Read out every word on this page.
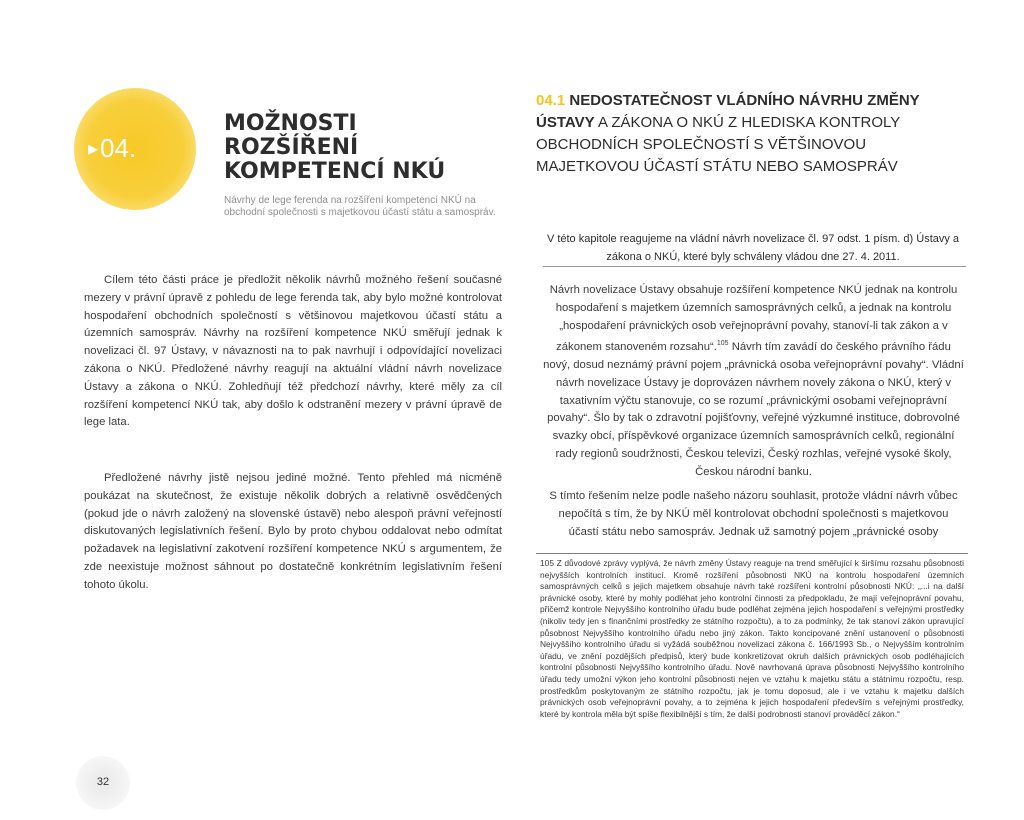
▸04.
MOŽNOSTI
ROZŠÍŘENÍ
KOMPETENCÍ NKÚ
Návrhy de lege ferenda na rozšíření kompetencí NKÚ na obchodní společnosti s majetkovou účastí státu a samospráv.
Cílem této části práce je předložit několik návrhů možného řešení současné mezery v právní úpravě z pohledu de lege ferenda tak, aby bylo možné kontrolovat hospodaření obchodních společností s většinovou majetkovou účastí státu a územních samospráv. Návrhy na rozšíření kompetence NKÚ směřují jednak k novelizaci čl. 97 Ústavy, v návaznosti na to pak navrhují i odpovídající novelizaci zákona o NKÚ. Předložené návrhy reagují na aktuální vládní návrh novelizace Ústavy a zákona o NKÚ. Zohledňují též předchozí návrhy, které měly za cíl rozšíření kompetencí NKÚ tak, aby došlo k odstranění mezery v právní úpravě de lege lata.
Předložené návrhy jistě nejsou jediné možné. Tento přehled má nicméně poukázat na skutečnost, že existuje několik dobrých a relativně osvědčených (pokud jde o návrh založený na slovenské ústavě) nebo alespoň právní veřejností diskutovaných legislativních řešení. Bylo by proto chybou oddalovat nebo odmítat požadavek na legislativní zakotvení rozšíření kompetence NKÚ s argumentem, že zde neexistuje možnost sáhnout po dostatečně konkrétním legislativním řešení tohoto úkolu.
04.1 NEDOSTATEČNOST VLÁDNÍHO NÁVRHU ZMĚNY ÚSTAVY A ZÁKONA O NKÚ Z HLEDISKA KONTROLY OBCHODNÍCH SPOLEČNOSTÍ S VĚTŠINOVOU MAJETKOVOU ÚČASTÍ STÁTU NEBO SAMOSPRÁV
V této kapitole reagujeme na vládní návrh novelizace čl. 97 odst. 1 písm. d) Ústavy a zákona o NKÚ, které byly schváleny vládou dne 27. 4. 2011.
Návrh novelizace Ústavy obsahuje rozšíření kompetence NKÚ jednak na kontrolu hospodaření s majetkem územních samosprávných celků, a jednak na kontrolu „hospodaření právnických osob veřejnoprávní povahy, stanoví-li tak zákon a v zákonem stanoveném rozsahu“.$^{105}$ Návrh tím zavádí do českého právního řádu nový, dosud neznámý právní pojem „právnická osoba veřejnoprávní povahy“. Vládní návrh novelizace Ústavy je doprovázen návrhem novely zákona o NKÚ, který v taxativním výčtu stanovuje, co se rozumí „právnickými osobami veřejnoprávní povahy“. Šlo by tak o zdravotní pojišťovny, veřejné výzkumné instituce, dobrovolné svazky obcí, příspěvkové organizace územních samosprávních celků, regionální rady regionů soudržnosti, Českou televizi, Český rozhlas, veřejné vysoké školy, Českou národní banku.
S tímto řešením nelze podle našeho názoru souhlasit, protože vládní návrh vůbec nepočítá s tím, že by NKÚ měl kontrolovat obchodní společnosti s majetkovou účastí státu nebo samospráv. Jednak už samotný pojem „právnické osoby
105 Z důvodové zprávy vyplývá, že návrh změny Ústavy reaguje na trend směřující k širšímu rozsahu působnosti nejvyšších kontrolních institucí. Kromě rozšíření působnosti NKÚ na kontrolu hospodaření územních samosprávných celků s jejich majetkem obsahuje návrh také rozšíření kontrolní působnosti NKÚ: „...i na další právnické osoby, které by mohly podléhat jeho kontrolní činnosti za předpokladu, že mají veřejnoprávní povahu, přičemž kontrole Nejvyššího kontrolního úřadu bude podléhat zejména jejich hospodaření s veřejnými prostředky (nikoliv tedy jen s finančními prostředky ze státního rozpočtu), a to za podmínky, že tak stanoví zákon upravující působnost Nejvyššího kontrolního úřadu nebo jiný zákon. Takto koncipované znění ustanovení o působnosti Nejvyššího kontrolního úřadu si vyžádá souběžnou novelizaci zákona č. 166/1993 Sb., o Nejvyšším kontrolním úřadu, ve znění pozdějších předpisů, který bude konkretizovat okruh dalších právnických osob podléhajících kontrolní působnosti Nejvyššího kontrolního úřadu. Nově navrhovaná úprava působnosti Nejvyššího kontrolního úřadu tedy umožní výkon jeho kontrolní působnosti nejen ve vztahu k majetku státu a státnímu rozpočtu, resp. prostředkům poskytovaným ze státního rozpočtu, jak je tomu doposud, ale i ve vztahu k majetku dalších právnických osob veřejnoprávní povahy, a to zejména k jejich hospodaření především s veřejnými prostředky, které by kontrola měla být spíše flexibilnější s tím, že další podrobnosti stanoví prováděcí zákon.“
32
